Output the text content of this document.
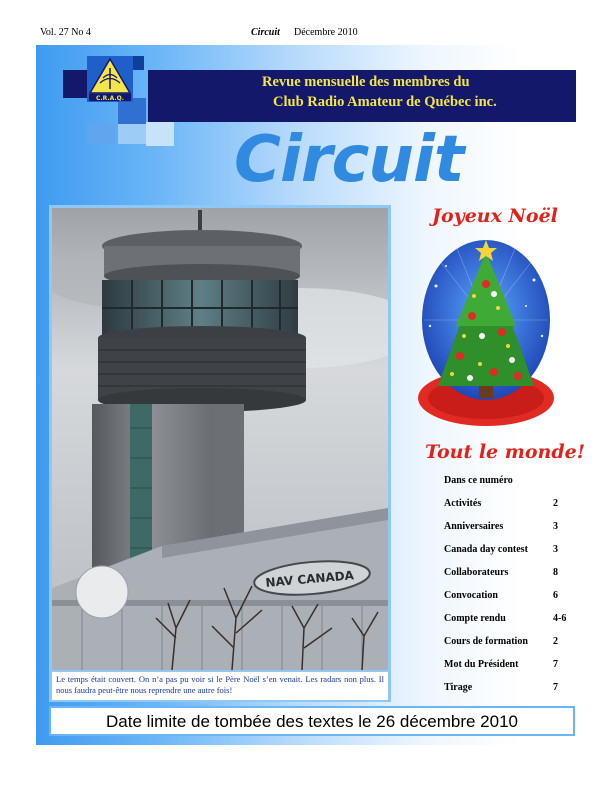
Vol. 27 No 4	Circuit Décembre 2010
Revue mensuelle des membres du
Club Radio Amateur de Québec inc.
C.R.A.Q.
Circuit
NAV CANADA
Le temps était couvert. On n’a pas pu voir si le Père Noël s’en venait. Les radars non plus. Il nous faudra peut-être nous reprendre une autre fois!
Joyeux Noël
Tout le monde!
Dans ce numéro
Activités	2
Anniversaires	3
Canada day contest	3
Collaborateurs	8
Convocation	6
Compte rendu	4-6
Cours de formation	2
Mot du Président	7
Tirage	7
Date limite de tombée des textes le 26 décembre 2010
